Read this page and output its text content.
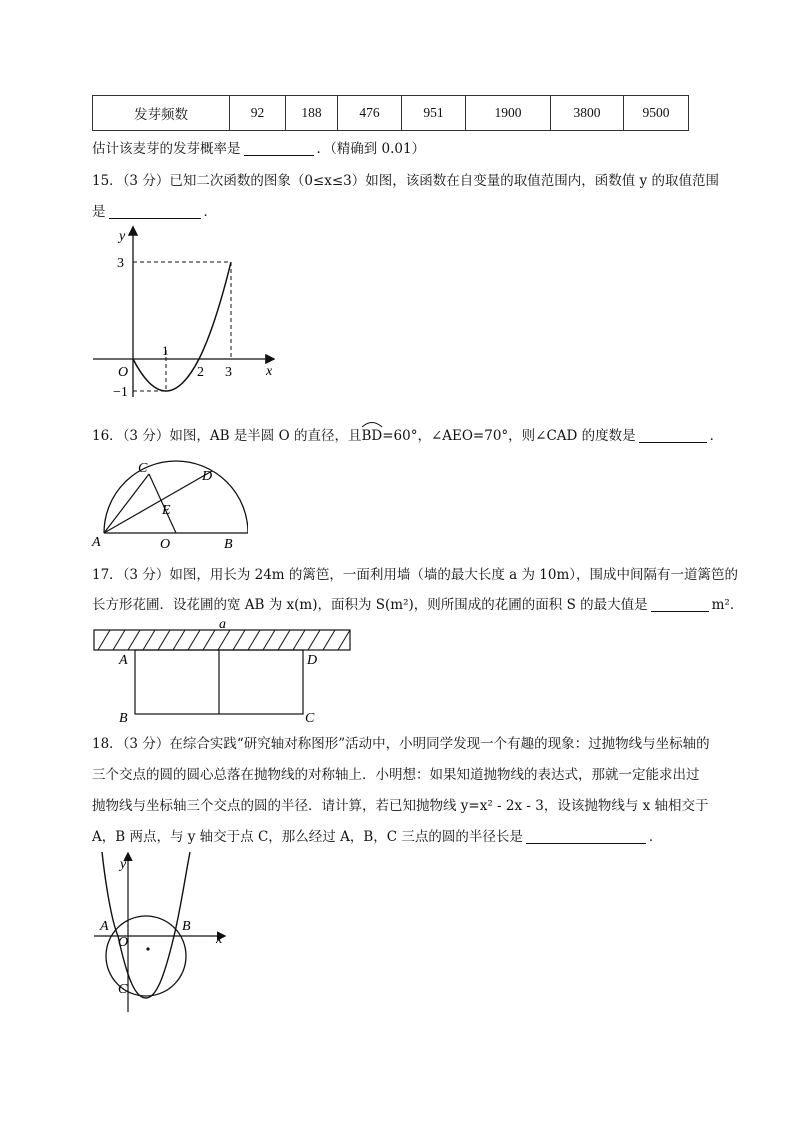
发芽频数	92	188	476	951	1900	3800	9500
估计该麦芽的发芽概率是	．（精确到 0.01）
15．（3 分）已知二次函数的图象（0≤x≤3）如图，该函数在自变量的取值范围内，函数值 y 的取值范围
是	．
y
x
O
3
1
2 3
−1
16．（3 分）如图，AB 是半圆 O 的直径，且
BD=60°，∠AEO=70°，则∠CAD 的度数是	．
A	B
C
D
E
O
17．（3 分）如图，用长为 24m 的篱笆，一面利用墙（墙的最大长度 a 为 10m），围成中间隔有一道篱笆的
长方形花圃．设花圃的宽 AB 为 x(m)，面积为 S(m²)，则所围成的花圃的面积 S 的最大值是	m²．
a
A	D
B	C
18．（3 分）在综合实践“研究轴对称图形”活动中，小明同学发现一个有趣的现象：过抛物线与坐标轴的
三个交点的圆的圆心总落在抛物线的对称轴上．小明想：如果知道抛物线的表达式，那就一定能求出过
抛物线与坐标轴三个交点的圆的半径．请计算，若已知抛物线 y=x² - 2x - 3，设该抛物线与 x 轴相交于
A，B 两点，与 y 轴交于点 C，那么经过 A，B，C 三点的圆的半径长是	．
y
x
A	B
O
C
